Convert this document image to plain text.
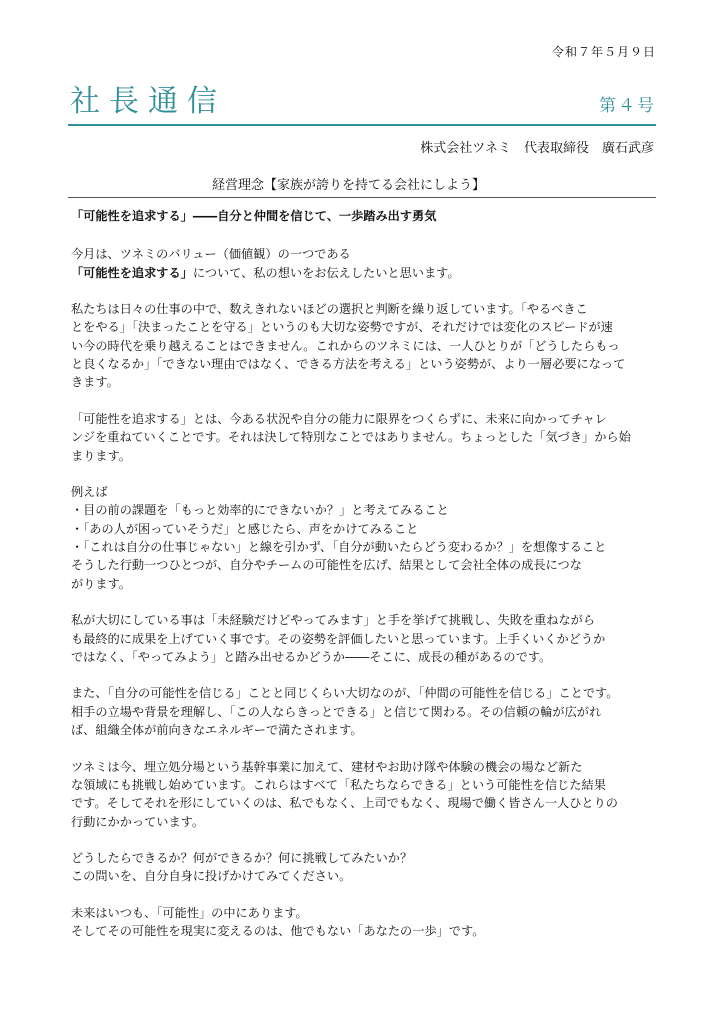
令和７年５月９日
社長通信	第４号
株式会社ツネミ　代表取締役　廣石武彦
経営理念【家族が誇りを持てる会社にしよう】

「可能性を追求する」――自分と仲間を信じて、一歩踏み出す勇気

今月は、ツネミのバリュー（価値観）の一つである
「可能性を追求する」について、私の想いをお伝えしたいと思います。

私たちは日々の仕事の中で、数えきれないほどの選択と判断を繰り返しています。「やるべきこ
とをやる」「決まったことを守る」というのも大切な姿勢ですが、それだけでは変化のスピードが速
い今の時代を乗り越えることはできません。これからのツネミには、一人ひとりが「どうしたらもっ
と良くなるか」「できない理由ではなく、できる方法を考える」という姿勢が、より一層必要になって
きます。

「可能性を追求する」とは、今ある状況や自分の能力に限界をつくらずに、未来に向かってチャレ
ンジを重ねていくことです。それは決して特別なことではありません。ちょっとした「気づき」から始
まります。

例えば
・目の前の課題を「もっと効率的にできないか？」と考えてみること
・「あの人が困っていそうだ」と感じたら、声をかけてみること
・「これは自分の仕事じゃない」と線を引かず、「自分が動いたらどう変わるか？」を想像すること
そうした行動一つひとつが、自分やチームの可能性を広げ、結果として会社全体の成長につな
がります。

私が大切にしている事は「未経験だけどやってみます」と手を挙げて挑戦し、失敗を重ねながら
も最終的に成果を上げていく事です。その姿勢を評価したいと思っています。上手くいくかどうか
ではなく、「やってみよう」と踏み出せるかどうか――そこに、成長の種があるのです。

また、「自分の可能性を信じる」ことと同じくらい大切なのが、「仲間の可能性を信じる」ことです。
相手の立場や背景を理解し、「この人ならきっとできる」と信じて関わる。その信頼の輪が広がれ
ば、組織全体が前向きなエネルギーで満たされます。

ツネミは今、埋立処分場という基幹事業に加えて、建材やお助け隊や体験の機会の場など新た
な領域にも挑戦し始めています。これらはすべて「私たちならできる」という可能性を信じた結果
です。そしてそれを形にしていくのは、私でもなく、上司でもなく、現場で働く皆さん一人ひとりの
行動にかかっています。

どうしたらできるか？何ができるか？何に挑戦してみたいか？
この問いを、自分自身に投げかけてみてください。

未来はいつも、「可能性」の中にあります。
そしてその可能性を現実に変えるのは、他でもない「あなたの一歩」です。
